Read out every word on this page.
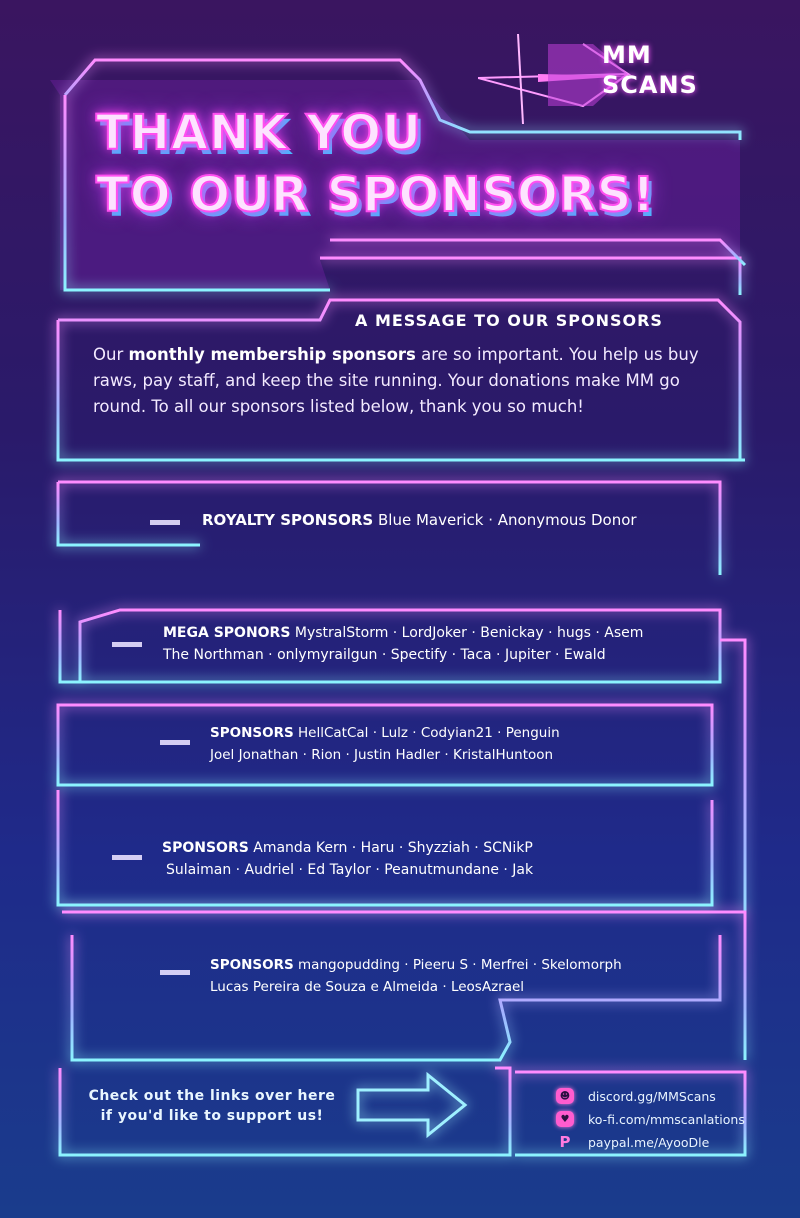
MM
SCANS
THANK YOU
TO OUR SPONSORS!
A MESSAGE TO OUR SPONSORS
Our monthly membership sponsors are so important. You help us buy raws, pay staff, and keep the site running. Your donations make MM go round. To all our sponsors listed below, thank you so much!
ROYALTY SPONSORS Blue Maverick · Anonymous Donor
MEGA SPONORS MystralStorm · LordJoker · Benickay · hugs · Asem
The Northman · onlymyrailgun · Spectify · Taca · Jupiter · Ewald
SPONSORS HellCatCal · Lulz · Codyian21 · Penguin
Joel Jonathan · Rion · Justin Hadler · KristalHuntoon
SPONSORS Amanda Kern · Haru · Shyzziah · SCNikP
Sulaiman · Audriel · Ed Taylor · Peanutmundane · Jak
SPONSORS mangopudding · Pieeru S · Merfrei · Skelomorph
Lucas Pereira de Souza e Almeida · LeosAzrael
Check out the links over here
if you'd like to support us!
☻	discord.gg/MMScans
♥	ko-fi.com/mmscanlations
P paypal.me/AyooDle
